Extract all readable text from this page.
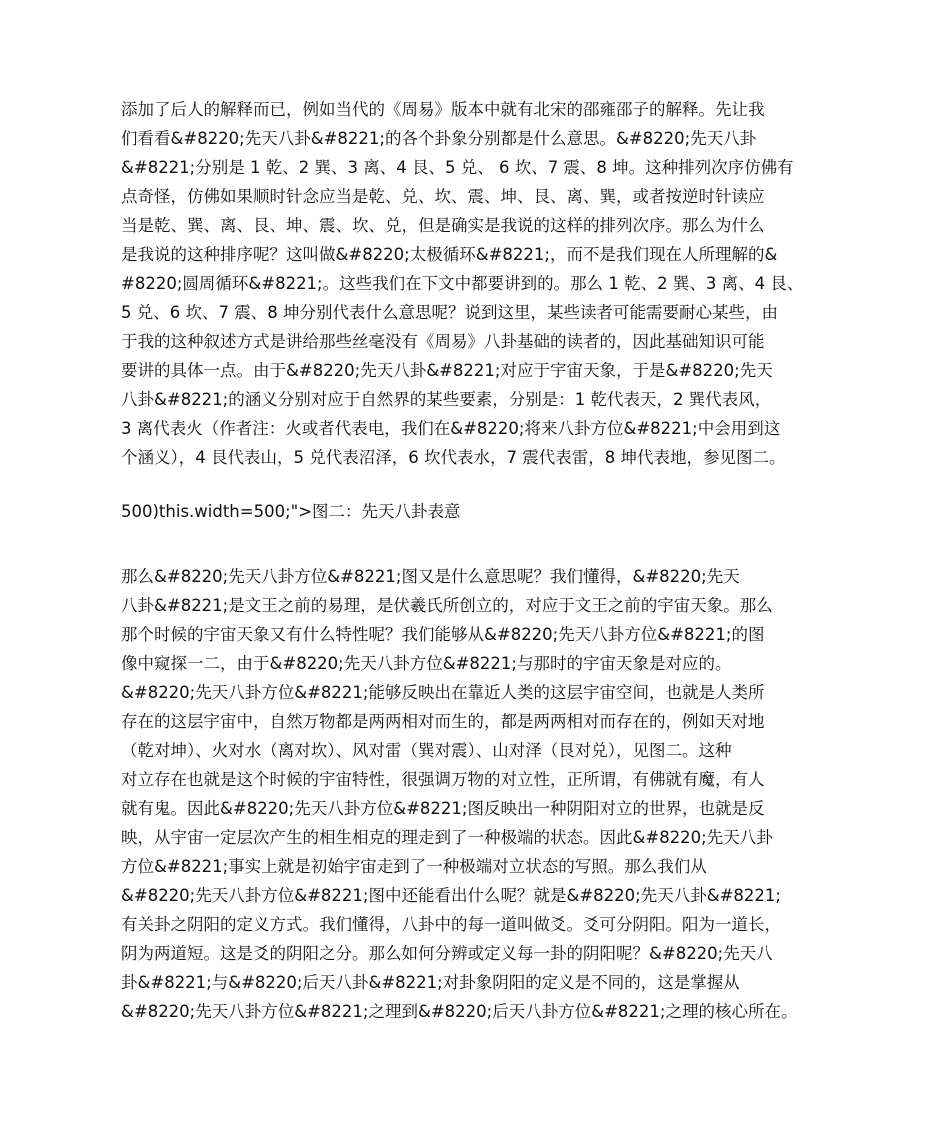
添加了后人的解释而已，例如当代的《周易》版本中就有北宋的邵雍邵子的解释。先让我
们看看&#8220;先天八卦&#8221;的各个卦象分别都是什么意思。&#8220;先天八卦
&#8221;分别是 1 乾、2 巽、3 离、4 艮、5 兑、 6 坎、7 震、8 坤。这种排列次序仿佛有
点奇怪，仿佛如果顺时针念应当是乾、兑、坎、震、坤、艮、离、巽，或者按逆时针读应
当是乾、巽、离、艮、坤、震、坎、兑，但是确实是我说的这样的排列次序。那么为什么
是我说的这种排序呢？这叫做&#8220;太极循环&#8221;，而不是我们现在人所理解的&
#8220;圆周循环&#8221;。这些我们在下文中都要讲到的。那么 1 乾、2 巽、3 离、4 艮、
5 兑、6 坎、7 震、8 坤分别代表什么意思呢？说到这里，某些读者可能需要耐心某些，由
于我的这种叙述方式是讲给那些丝毫没有《周易》八卦基础的读者的，因此基础知识可能
要讲的具体一点。由于&#8220;先天八卦&#8221;对应于宇宙天象，于是&#8220;先天
八卦&#8221;的涵义分别对应于自然界的某些要素，分别是：1 乾代表天，2 巽代表风，
3 离代表火（作者注：火或者代表电，我们在&#8220;将来八卦方位&#8221;中会用到这
个涵义），4 艮代表山，5 兑代表沼泽，6 坎代表水，7 震代表雷，8 坤代表地，参见图二。
500)this.width=500;">图二：先天八卦表意
那么&#8220;先天八卦方位&#8221;图又是什么意思呢？我们懂得，&#8220;先天
八卦&#8221;是文王之前的易理，是伏羲氏所创立的，对应于文王之前的宇宙天象。那么
那个时候的宇宙天象又有什么特性呢？我们能够从&#8220;先天八卦方位&#8221;的图
像中窥探一二，由于&#8220;先天八卦方位&#8221;与那时的宇宙天象是对应的。
&#8220;先天八卦方位&#8221;能够反映出在靠近人类的这层宇宙空间，也就是人类所
存在的这层宇宙中，自然万物都是两两相对而生的，都是两两相对而存在的，例如天对地
（乾对坤）、火对水（离对坎）、风对雷（巽对震）、山对泽（艮对兑），见图二。这种
对立存在也就是这个时候的宇宙特性，很强调万物的对立性，正所谓，有佛就有魔，有人
就有鬼。因此&#8220;先天八卦方位&#8221;图反映出一种阴阳对立的世界，也就是反
映，从宇宙一定层次产生的相生相克的理走到了一种极端的状态。因此&#8220;先天八卦
方位&#8221;事实上就是初始宇宙走到了一种极端对立状态的写照。那么我们从
&#8220;先天八卦方位&#8221;图中还能看出什么呢？就是&#8220;先天八卦&#8221;
有关卦之阴阳的定义方式。我们懂得，八卦中的每一道叫做爻。爻可分阴阳。阳为一道长，
阴为两道短。这是爻的阴阳之分。那么如何分辨或定义每一卦的阴阳呢？&#8220;先天八
卦&#8221;与&#8220;后天八卦&#8221;对卦象阴阳的定义是不同的，这是掌握从
&#8220;先天八卦方位&#8221;之理到&#8220;后天八卦方位&#8221;之理的核心所在。
